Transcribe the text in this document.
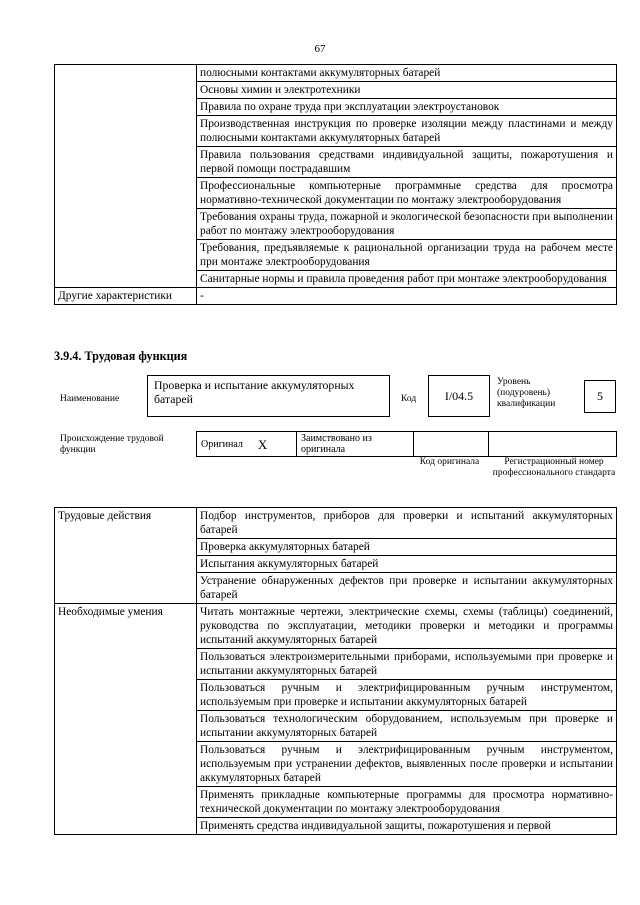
67
	полюсными контактами аккумуляторных батарей
	Основы химии и электротехники
	Правила по охране труда при эксплуатации электроустановок
	Производственная инструкция по проверке изоляции между пластинами и между полюсными контактами аккумуляторных батарей
	Правила пользования средствами индивидуальной защиты, пожаротушения и первой помощи пострадавшим
	Профессиональные компьютерные программные средства для просмотра нормативно-технической документации по монтажу электрооборудования
	Требования охраны труда, пожарной и экологической безопасности при выполнении работ по монтажу электрооборудования
	Требования, предъявляемые к рациональной организации труда на рабочем месте при монтаже электрооборудования
	Санитарные нормы и правила проведения работ при монтаже электрооборудования
Другие характеристики	-
3.9.4. Трудовая функция
Наименование
Проверка и испытание аккумуляторных батарей	Код	I/04.5
Уровень (подуровень) квалификации
5
Происхождение трудовой функции
Оригинал X	Заимствовано из оригинала		
Код оригинала	Регистрационный номер профессионального стандарта
Трудовые действия	Подбор инструментов, приборов для проверки и испытаний аккумуляторных батарей
	Проверка аккумуляторных батарей
	Испытания аккумуляторных батарей
	Устранение обнаруженных дефектов при проверке и испытании аккумуляторных батарей
Необходимые умения	Читать монтажные чертежи, электрические схемы, схемы (таблицы) соединений, руководства по эксплуатации, методики проверки и методики и программы испытаний аккумуляторных батарей
	Пользоваться электроизмерительными приборами, используемыми при проверке и испытании аккумуляторных батарей
	Пользоваться ручным и электрифицированным ручным инструментом, используемым при проверке и испытании аккумуляторных батарей
	Пользоваться технологическим оборудованием, используемым при проверке и испытании аккумуляторных батарей
	Пользоваться ручным и электрифицированным ручным инструментом, используемым при устранении дефектов, выявленных после проверки и испытании аккумуляторных батарей
	Применять прикладные компьютерные программы для просмотра нормативно-технической документации по монтажу электрооборудования
	Применять средства индивидуальной защиты, пожаротушения и первой
